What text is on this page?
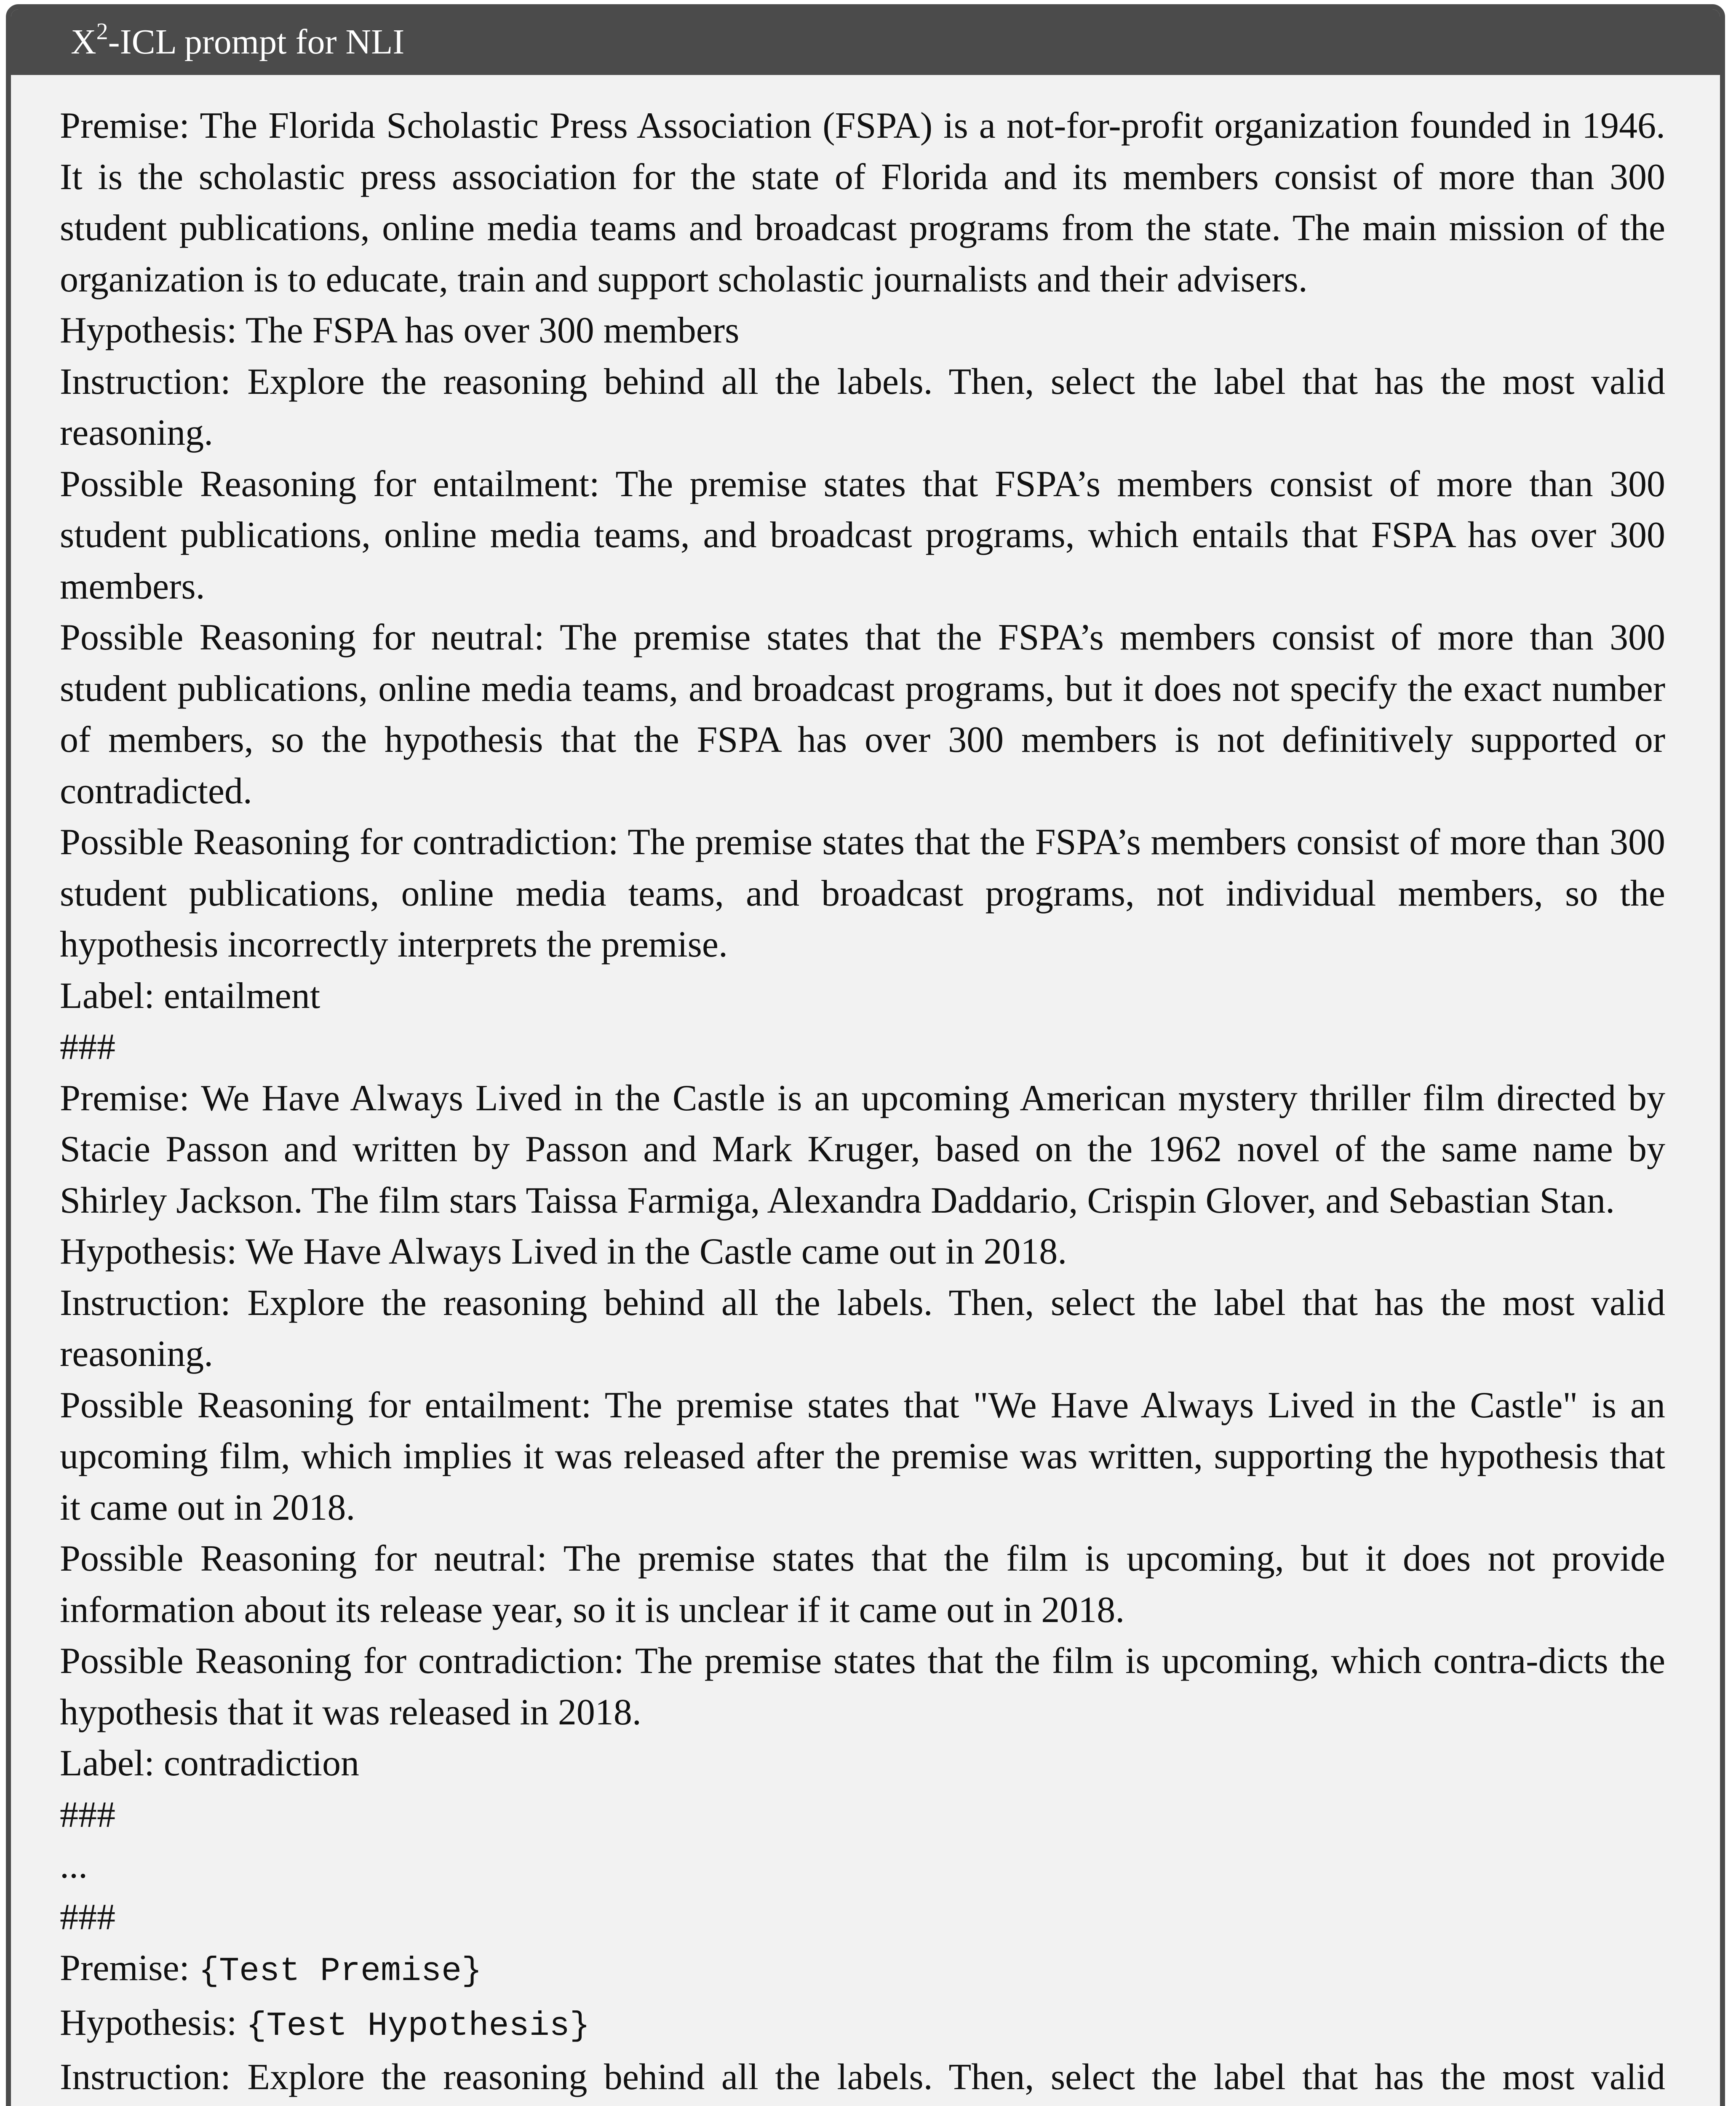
$X^2$-ICL prompt for NLI

Premise: The Florida Scholastic Press Association (FSPA) is a not-for-profit organization founded in 1946. It is the scholastic press association for the state of Florida and its members consist of more than 300 student publications, online media teams and broadcast programs from the state. The main mission of the organization is to educate, train and support scholastic journalists and their advisers.

Hypothesis: The FSPA has over 300 members

Instruction: Explore the reasoning behind all the labels. Then, select the label that has the most valid reasoning.

Possible Reasoning for entailment: The premise states that FSPA’s members consist of more than 300 student publications, online media teams, and broadcast programs, which entails that FSPA has over 300 members.

Possible Reasoning for neutral: The premise states that the FSPA’s members consist of more than 300 student publications, online media teams, and broadcast programs, but it does not specify the exact number of members, so the hypothesis that the FSPA has over 300 members is not definitively supported or contradicted.

Possible Reasoning for contradiction: The premise states that the FSPA’s members consist of more than 300 student publications, online media teams, and broadcast programs, not individual members, so the hypothesis incorrectly interprets the premise.

Label: entailment

###

Premise: We Have Always Lived in the Castle is an upcoming American mystery thriller film directed by Stacie Passon and written by Passon and Mark Kruger, based on the 1962 novel of the same name by Shirley Jackson. The film stars Taissa Farmiga, Alexandra Daddario, Crispin Glover, and Sebastian Stan.

Hypothesis: We Have Always Lived in the Castle came out in 2018.

Instruction: Explore the reasoning behind all the labels. Then, select the label that has the most valid reasoning.

Possible Reasoning for entailment: The premise states that "We Have Always Lived in the Castle" is an upcoming film, which implies it was released after the premise was written, supporting the hypothesis that it came out in 2018.

Possible Reasoning for neutral: The premise states that the film is upcoming, but it does not provide information about its release year, so it is unclear if it came out in 2018.

Possible Reasoning for contradiction: The premise states that the film is upcoming, which contra-dicts the hypothesis that it was released in 2018.

Label: contradiction

###

...

###

Premise: {Test Premise}

Hypothesis: {Test Hypothesis}

Instruction: Explore the reasoning behind all the labels. Then, select the label that has the most valid
